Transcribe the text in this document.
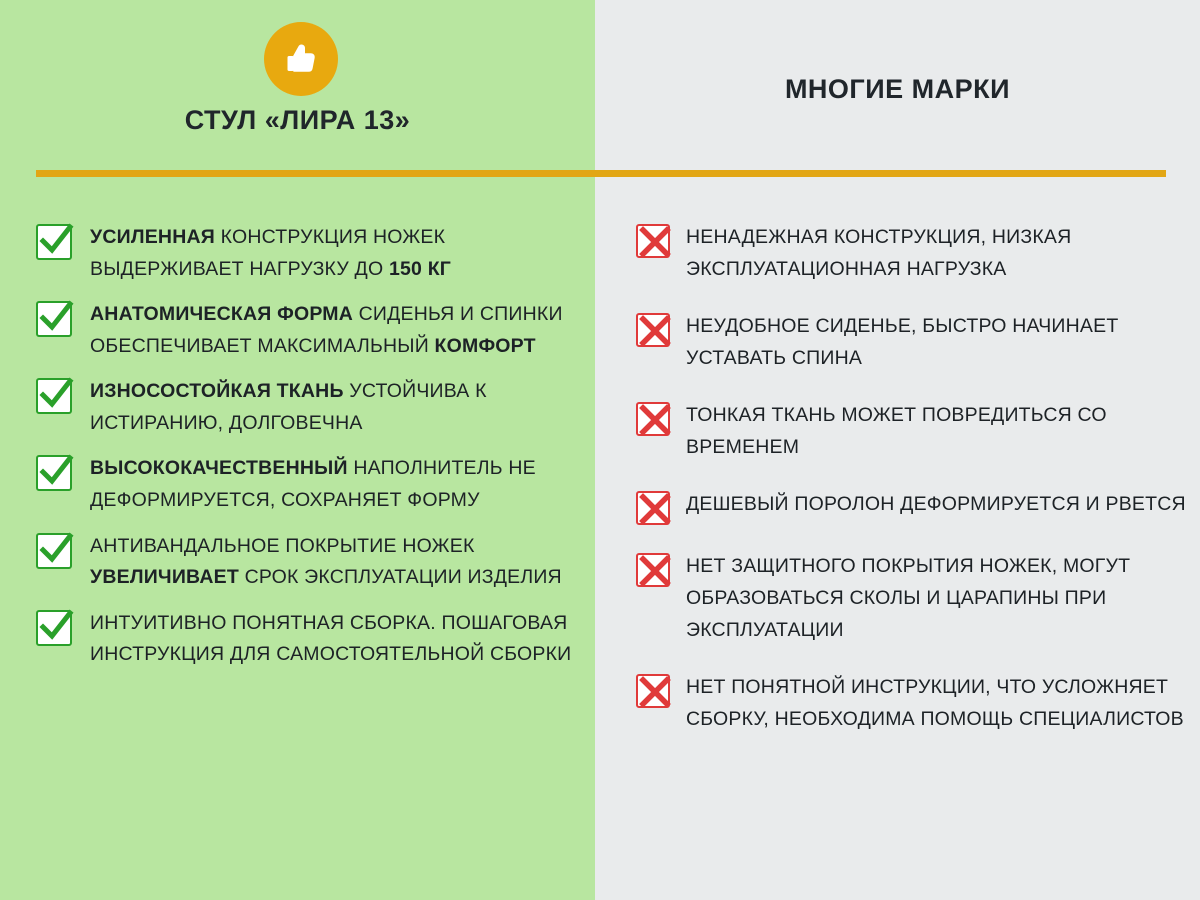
СТУЛ «ЛИРА 13»
МНОГИЕ МАРКИ
УСИЛЕННАЯ КОНСТРУКЦИЯ НОЖЕК ВЫДЕРЖИВАЕТ НАГРУЗКУ ДО 150 КГ
АНАТОМИЧЕСКАЯ ФОРМА СИДЕНЬЯ И СПИНКИ ОБЕСПЕЧИВАЕТ МАКСИМАЛЬНЫЙ КОМФОРТ
ИЗНОСОСТОЙКАЯ ТКАНЬ УСТОЙЧИВА К ИСТИРАНИЮ, ДОЛГОВЕЧНА
ВЫСОКОКАЧЕСТВЕННЫЙ НАПОЛНИТЕЛЬ НЕ ДЕФОРМИРУЕТСЯ, СОХРАНЯЕТ ФОРМУ
АНТИВАНДАЛЬНОЕ ПОКРЫТИЕ НОЖЕК УВЕЛИЧИВАЕТ СРОК ЭКСПЛУАТАЦИИ ИЗДЕЛИЯ
ИНТУИТИВНО ПОНЯТНАЯ СБОРКА. ПОШАГОВАЯ ИНСТРУКЦИЯ ДЛЯ САМОСТОЯТЕЛЬНОЙ СБОРКИ
НЕНАДЕЖНАЯ КОНСТРУКЦИЯ, НИЗКАЯ ЭКСПЛУАТАЦИОННАЯ НАГРУЗКА
НЕУДОБНОЕ СИДЕНЬЕ, БЫСТРО НАЧИНАЕТ УСТАВАТЬ СПИНА
ТОНКАЯ ТКАНЬ МОЖЕТ ПОВРЕДИТЬСЯ СО ВРЕМЕНЕМ
ДЕШЕВЫЙ ПОРОЛОН ДЕФОРМИРУЕТСЯ И РВЕТСЯ
НЕТ ЗАЩИТНОГО ПОКРЫТИЯ НОЖЕК, МОГУТ ОБРАЗОВАТЬСЯ СКОЛЫ И ЦАРАПИНЫ ПРИ ЭКСПЛУАТАЦИИ
НЕТ ПОНЯТНОЙ ИНСТРУКЦИИ, ЧТО УСЛОЖНЯЕТ СБОРКУ, НЕОБХОДИМА ПОМОЩЬ СПЕЦИАЛИСТОВ
